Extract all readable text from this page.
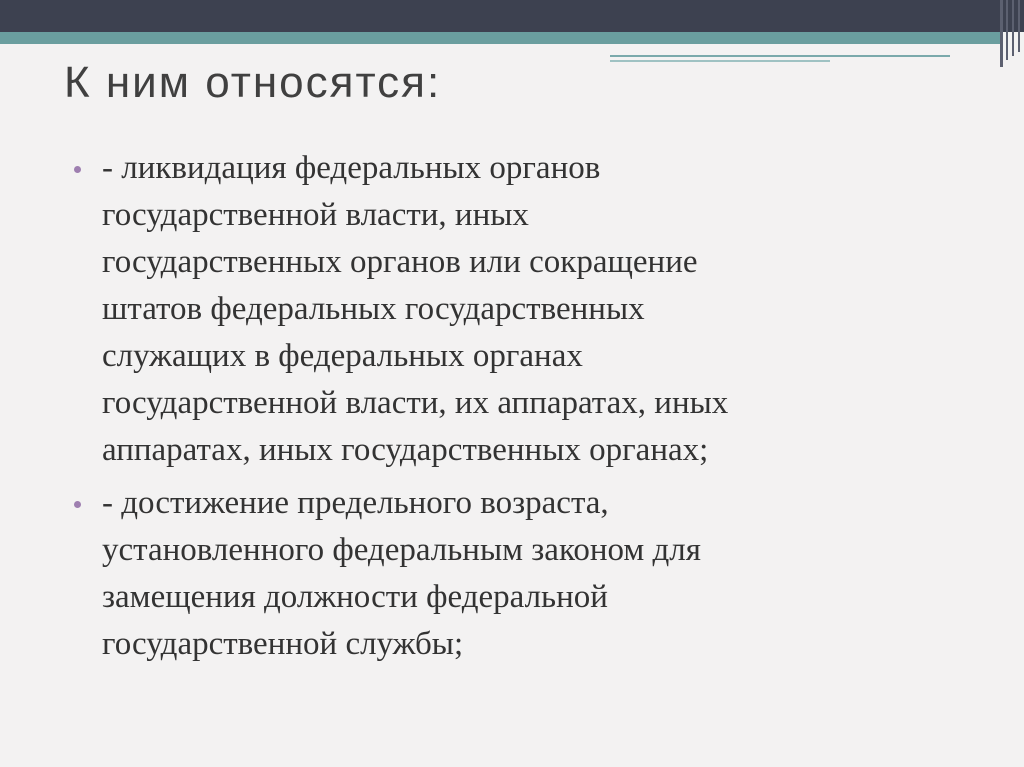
К ним относятся:
- ликвидация федеральных органов
государственной власти, иных
государственных органов или сокращение
штатов федеральных государственных
служащих в федеральных органах
государственной власти, их аппаратах, иных
аппаратах, иных государственных органах;
- достижение предельного возраста,
установленного федеральным законом для
замещения должности федеральной
государственной службы;
